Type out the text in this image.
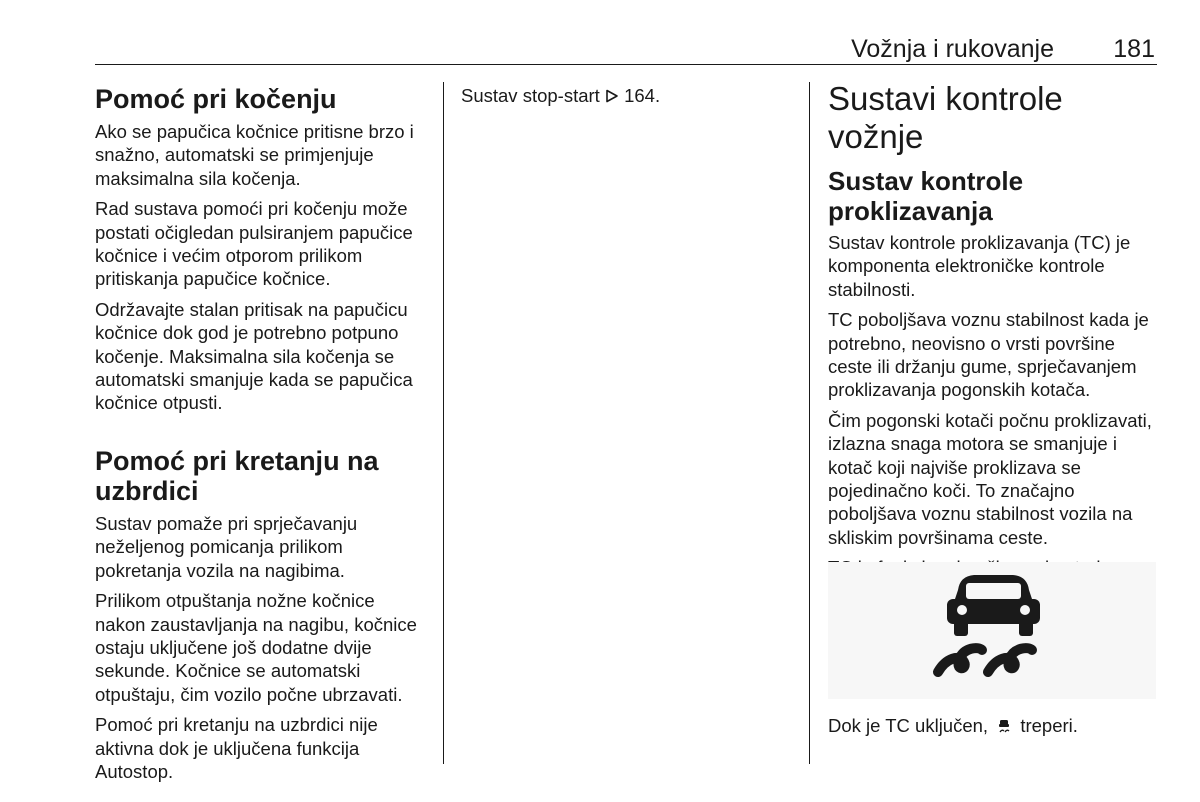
Vožnja i rukovanje 181
Pomoć pri kočenju
Ako se papučica kočnice pritisne brzo i snažno, automatski se primjenjuje maksimalna sila kočenja.
Rad sustava pomoći pri kočenju može postati očigledan pulsiranjem papučice kočnice i većim otporom prilikom pritiskanja papučice kočnice.
Održavajte stalan pritisak na papučicu kočnice dok god je potrebno potpuno kočenje. Maksimalna sila kočenja se automatski smanjuje kada se papučica kočnice otpusti.
Pomoć pri kretanju na
uzbrdici
Sustav pomaže pri sprječavanju neželjenog pomicanja prilikom pokretanja vozila na nagibima.
Prilikom otpuštanja nožne kočnice nakon zaustavljanja na nagibu, kočnice ostaju uključene još dodatne dvije sekunde. Kočnice se automatski otpuštaju, čim vozilo počne ubrzavati.
Pomoć pri kretanju na uzbrdici nije aktivna dok je uključena funkcija Autostop.
Sustav stop-start 164.	Sustavi kontrole vožnje
Sustav kontrole
proklizavanja
Sustav kontrole proklizavanja (TC) je komponenta elektroničke kontrole stabilnosti.
TC poboljšava voznu stabilnost kada je potrebno, neovisno o vrsti površine ceste ili držanju gume, sprječavanjem proklizavanja pogonskih kotača.
Čim pogonski kotači počnu proklizavati, izlazna snaga motora se smanjuje i kotač koji najviše proklizava se pojedinačno koči. To značajno poboljšava voznu stabilnost vozila na skliskim površinama ceste.
Dok je TC uključen, treperi.
